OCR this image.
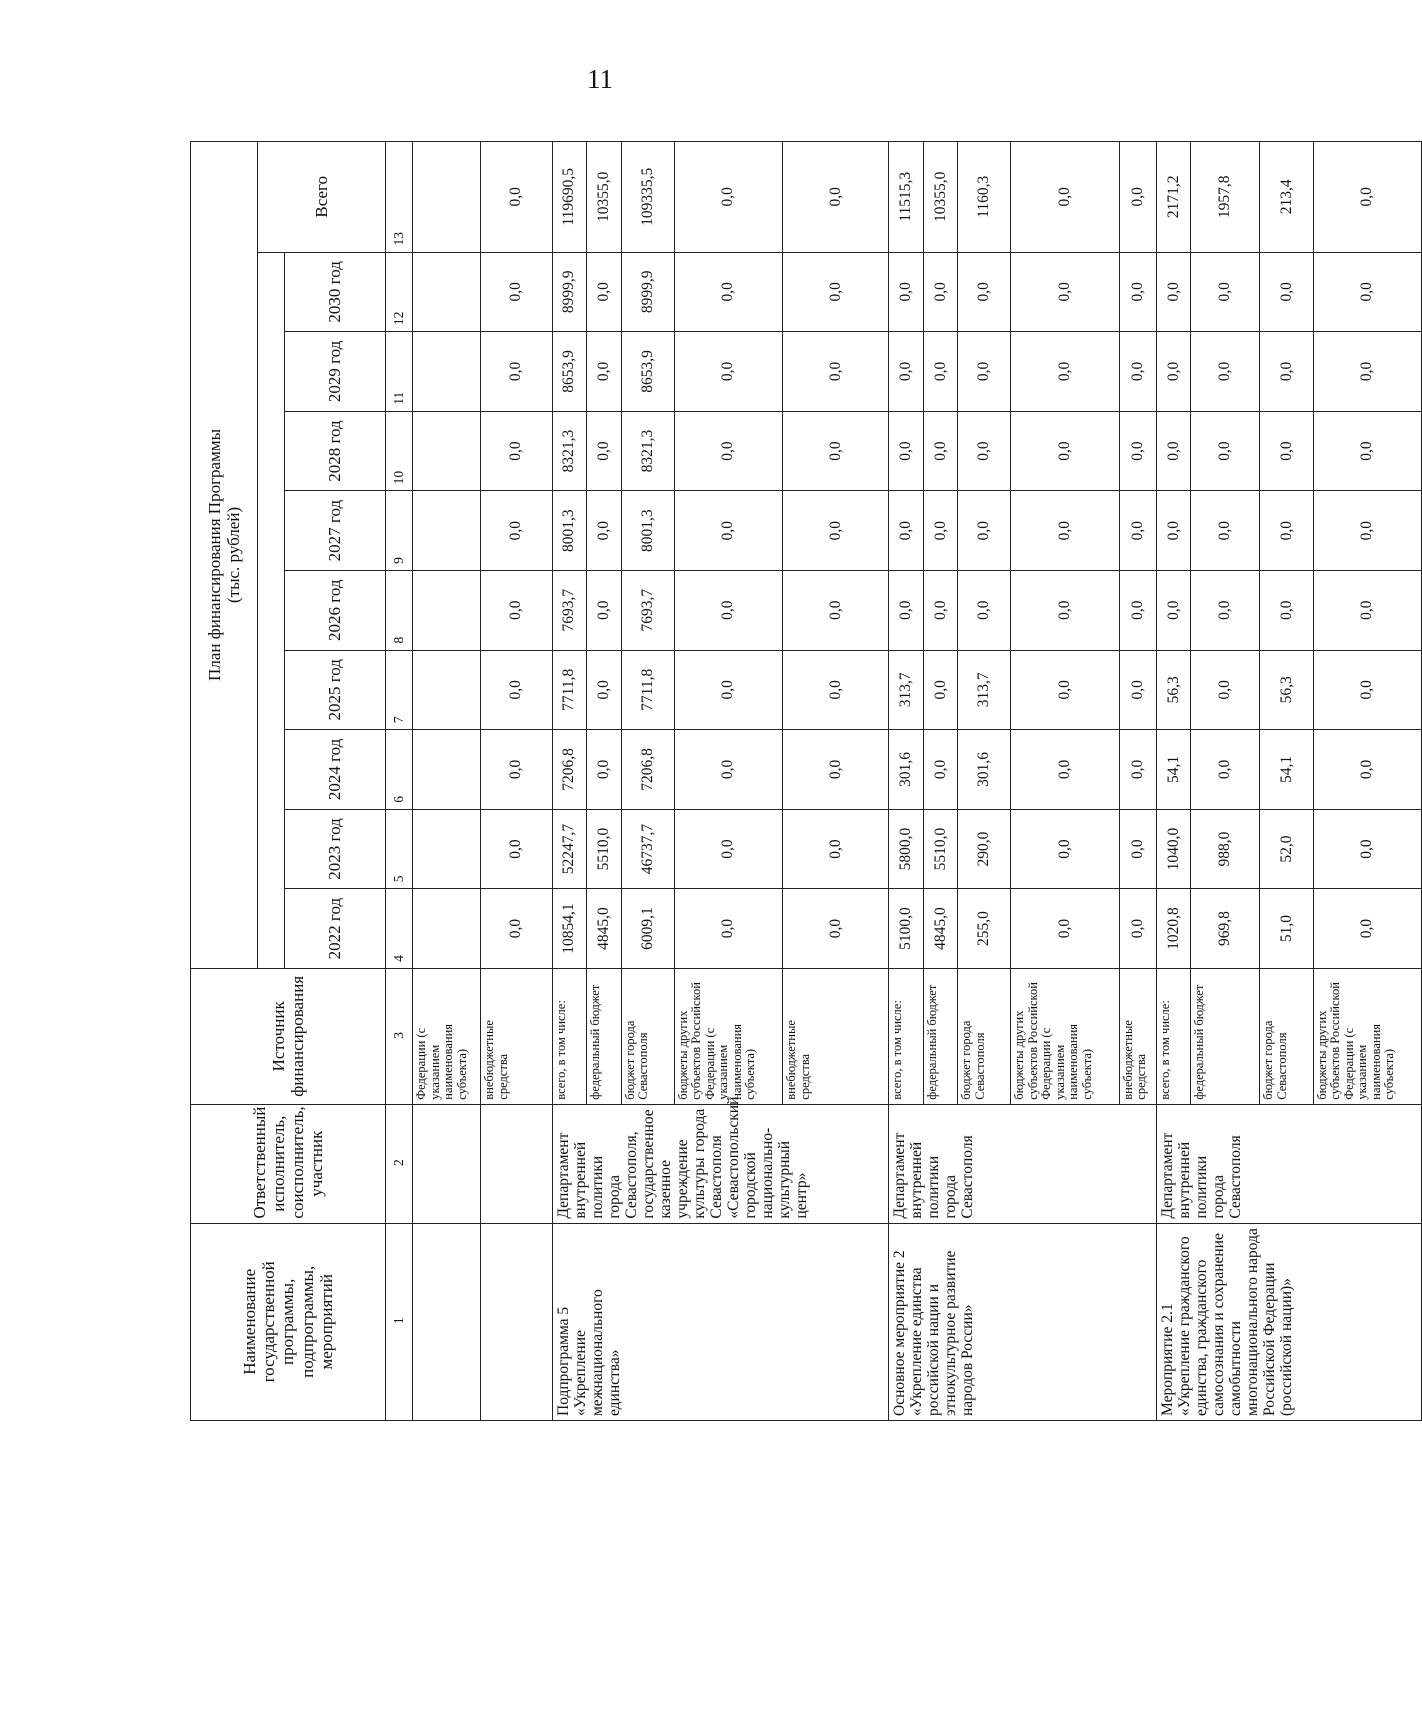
11
Наименование государственной программы, подпрограммы, мероприятий	Ответственный исполнитель, соисполнитель, участник	Источник финансирования	План финансирования Программы (тыс. рублей)									

												Всего
			2022 год	2023 год	2024 год	2025 год	2026 год	2027 год	2028 год	2029 год	2030 год	
1	2	3	4	5	6	7	8	9	10	11	12	13
		Федерации (с указанием наименования субъекта)										
		внебюджетные средства	0,0	0,0	0,0	0,0	0,0	0,0	0,0	0,0	0,0	0,0
Подпрограмма 5 «Укрепление межнационального единства»	Департамент внутренней политики города Севастополя, государственное казенное учреждение культуры города Севастополя «Севастопольский городской национально-культурный центр»	всего, в том числе:	10854,1	52247,7	7206,8	7711,8	7693,7	8001,3	8321,3	8653,9	8999,9	119690,5
		федеральный бюджет	4845,0	5510,0	0,0	0,0	0,0	0,0	0,0	0,0	0,0	10355,0
		бюджет города Севастополя	6009,1	46737,7	7206,8	7711,8	7693,7	8001,3	8321,3	8653,9	8999,9	109335,5
		бюджеты других субъектов Российской Федерации (с указанием наименования субъекта)	0,0	0,0	0,0	0,0	0,0	0,0	0,0	0,0	0,0	0,0
		внебюджетные средства	0,0	0,0	0,0	0,0	0,0	0,0	0,0	0,0	0,0	0,0
Основное мероприятие 2 «Укрепление единства российской нации и этнокультурное развитие народов России»	Департамент внутренней политики города Севастополя	всего, в том числе:	5100,0	5800,0	301,6	313,7	0,0	0,0	0,0	0,0	0,0	11515,3
		федеральный бюджет	4845,0	5510,0	0,0	0,0	0,0	0,0	0,0	0,0	0,0	10355,0
		бюджет города Севастополя	255,0	290,0	301,6	313,7	0,0	0,0	0,0	0,0	0,0	1160,3
		бюджеты других субъектов Российской Федерации (с указанием наименования субъекта)	0,0	0,0	0,0	0,0	0,0	0,0	0,0	0,0	0,0	0,0
		внебюджетные средства	0,0	0,0	0,0	0,0	0,0	0,0	0,0	0,0	0,0	0,0
Мероприятие 2.1 «Укрепление гражданского единства, гражданского самосознания и сохранение самобытности многонационального народа Российской Федерации (российской нации)»	Департамент внутренней политики города Севастополя	всего, в том числе:	1020,8	1040,0	54,1	56,3	0,0	0,0	0,0	0,0	0,0	2171,2
		федеральный бюджет	969,8	988,0	0,0	0,0	0,0	0,0	0,0	0,0	0,0	1957,8
		бюджет города Севастополя	51,0	52,0	54,1	56,3	0,0	0,0	0,0	0,0	0,0	213,4
		бюджеты других субъектов Российской Федерации (с указанием наименования субъекта)	0,0	0,0	0,0	0,0	0,0	0,0	0,0	0,0	0,0	0,0
